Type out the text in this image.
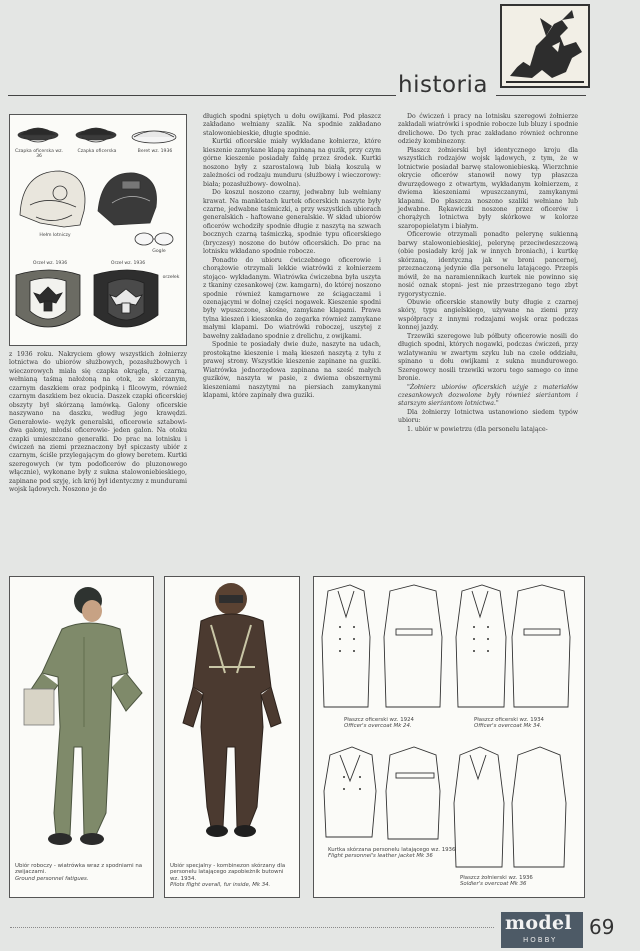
historia
Czapka oficerska wz. 36
Czapka oficerska	Beret wz. 1936
Hełm lotniczy
Gogle
Orzeł wz. 1936	Orzeł wz. 1936
orzełek

z 1936 roku. Nakryciem głowy wszystkich żołnierzy lotnictwa do ubiorów służbowych, pozasłużbowych i wieczorowych miała się czapka okrągła, z czarną, wełnianą taśmą nałożoną na otok, ze skórzanym, czarnym daszkiem oraz podpinką i filcowym, również czarnym daszkiem bez okucia. Daszek czapki oficerskiej obszyty był skórzaną lamówką. Galony oficerskie naszywano na daszku, według jego krawędzi. Generałowie- wężyk generalski, oficerowie sztabowi- dwa galony, młodsi oficerowie- jeden galon. Na otoku czapki umieszczano generałki. Do prac na lotnisku i ćwiczeń na ziemi przeznaczony był spiczasty ubiór z czarnym, ściśle przylegającym do głowy beretem. Kurtki szeregowych (w tym podoficerów do pluzonowego włącznie), wykonane były z sukna stalowoniebieskiego, zapinane pod szyję, ich krój był identyczny z mundurami wojsk lądowych. Noszono je do

długich spodni spiętych u dołu owijkami. Pod płaszcz zakładano wełniany szalik. Na spodnie zakładano stalowoniebieskie, długie spodnie.

Kurtki oficerskie miały wykładane kołnierze, które kieszenie zamykane klapą zapinaną na guzik, przy czym górne kieszenie posiadały fałdę przez środek. Kurtki noszono były z szarostalową lub białą koszulą w zależności od rodzaju munduru (służbowy i wieczorowy: biała; pozasłużbowy- dowolna).

Do koszul noszono czarny, jedwabny lub wełniany krawat. Na mankietach kurtek oficerskich naszyte były czarne, jedwabne taśmiczki, a przy wszystkich ubiorach generalskich - haftowane generalskie. W skład ubiorów oficerów wchodziły spodnie długie z naszytą na szwach bocznych czarną taśmiczką, spodnie typu oficerskiego (bryczesy) noszone do butów oficerskich. Do prac na lotnisku wkładano spodnie robocze.

Ponadto do ubioru ćwiczebnego oficerowie i chorążowie otrzymali lekkie wiatrówki z kołnierzem stojąco- wykładanym. Wiatrówka ćwiczebna była uszyta z tkaniny czesankowej (zw. kamgarn), do której noszono spodnie również kamgarnowe ze ściągaczami i ozenającymi w dolnej części nogawek. Kieszenie spodni były wpuszczone, skośne, zamykane klapami. Prawa tylna kieszeń i kieszonka do zegarka również zamykane małymi klapami. Do wiatrówki roboczej, uszytej z bawełny zakładano spodnie z drelichu, z owijkami.

Spodnie te posiadały dwie duże, naszyte na udach, prostokątne kieszenie i małą kieszeń naszytą z tyłu z prawej strony. Wszystkie kieszenie zapinane na guziki. Wiatrówka jednorzędowa zapinana na sześć małych guzików, naszyta w pasie, z dwiema obszernymi kieszeniami naszytymi na piersiach zamykanymi klapami, które zapinały dwa guziki.

Do ćwiczeń i pracy na lotnisku szeregowi żołnierze zakładali wiatrówki i spodnie robocze lub bluzy i spodnie drelichowe. Do tych prac zakładano również ochronne odzieży kombinezony.

Płaszcz żołnierski był identycznego kroju dla wszystkich rodzajów wojsk lądowych, z tym, że w lotnictwie posiadał barwę stalowoniebieską. Wierzchnie okrycie oficerów stanowił nowy typ płaszcza dwurzędowego z otwartym, wykładanym kołnierzem, z dwiema kieszeniami wpuszczanymi, zamykanymi klapami. Do płaszcza noszono szaliki wełniane lub jedwabne. Rękawiczki noszone przez oficerów i chorążych lotnictwa były skórkowe w kolorze szaropopielatym i białym.

Oficerowie otrzymali ponadto pelerynę sukienną barwy stalowoniebieskiej, pelerynę przeciwdeszczową (obie posiadały krój jak w innych broniach), i kurtkę skórzaną, identyczną jak w broni pancernej, przeznaczoną jedynie dla personelu latającego. Przepis mówił, że na naramiennikach kurtek nie powinno się nosić oznak stopni- jest nie przestrzegano tego zbyt rygorystycznie.

Obuwie oficerskie stanowiły buty długie z czarnej skóry, typu angielskiego, używane na ziemi przy współpracy z innymi rodzajami wojsk oraz podczas konnej jazdy.

Trzewiki szeregowe lub półbuty oficerowie nosili do długich spodni, których nogawki, podczas ćwiczeń, przy wzlatywaniu w zwartym szyku lub na czele oddziału, spinano u dołu owijkami z sukna mundurowego. Szeregowcy nosili trzewiki wzoru tego samego co inne bronie.

"Żołnierz ubiorów oficerskich użyje z materiałów czesankowych dozwolone były również sierżantom i starszym sierżantom lotnictwa."

Dla żołnierzy lotnictwa ustanowiono siedem typów ubioru:

1. ubiór w powietrzu (dla personelu latające-

Ubiór roboczy - wiatrówka wraz z spodniami na zwijaczami.
Ground personnel fatigues.
Ubiór specjalny - kombinezon skórzany dla personelu latającego zapobieżnik butowni wz. 1934.
Pilots flight overall, fur inside, Mk 34.
Płaszcz oficerski wz. 1924
Officer's overcoat Mk 24.
Płaszcz oficerski wz. 1934
Officer's overcoat Mk 34.
Kurtka skórzana personelu latającego wz. 1936
Flight personnel's leather jacket Mk 36
Płaszcz żołnierski wz. 1936
Soldier's overcoat Mk 36
model
HOBBY
69
